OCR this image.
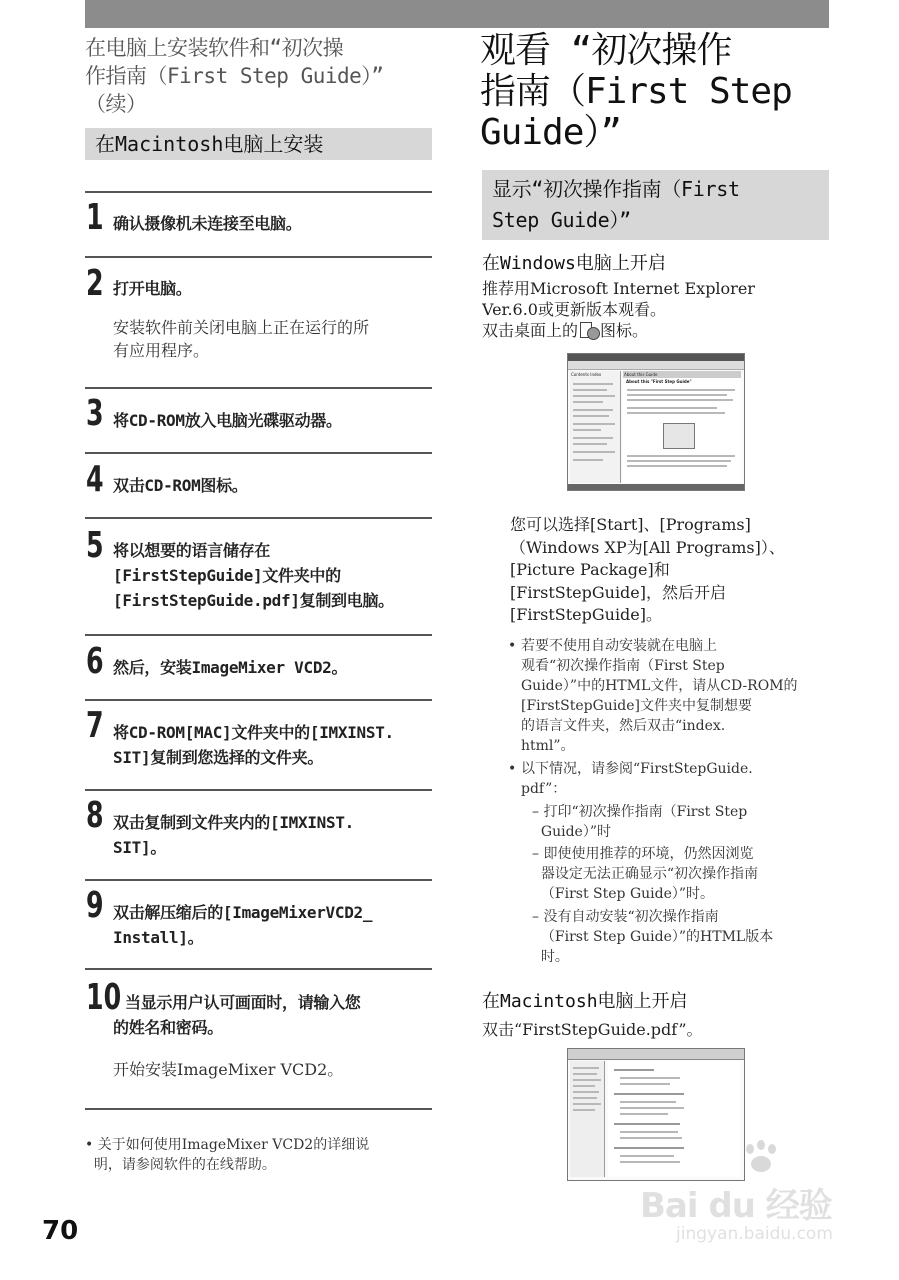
在电脑上安装软件和“初次操
作指南（First Step Guide）”
（续）
在Macintosh电脑上安装
1 确认摄像机未连接至电脑。
2 打开电脑。
安装软件前关闭电脑上正在运行的所
有应用程序。
3 将CD-ROM放入电脑光碟驱动器。
4 双击CD-ROM图标。
5 将以想要的语言储存在
[FirstStepGuide]文件夹中的
[FirstStepGuide.pdf]复制到电脑。
6 然后，安装ImageMixer VCD2。
7 将CD-ROM[MAC]文件夹中的[IMXINST.
SIT]复制到您选择的文件夹。
8 双击复制到文件夹内的[IMXINST.
SIT]。
9 双击解压缩后的[ImageMixerVCD2_
Install]。
10 当显示用户认可画面时，请输入您
的姓名和密码。
开始安装ImageMixer VCD2。
• 关于如何使用ImageMixer VCD2的详细说
明，请参阅软件的在线帮助。
70
观看 “初次操作
指南（First Step
Guide）”
显示“初次操作指南（First
Step Guide）”
在Windows电脑上开启
推荐用Microsoft Internet Explorer
Ver.6.0或更新版本观看。
双击桌面上的 图标。
Contents Index	About this Guide
About this "First Step Guide"
您可以选择[Start]、[Programs]
（Windows XP为[All Programs]）、
[Picture Package]和
[FirstStepGuide]，然后开启
[FirstStepGuide]。
• 若要不使用自动安装就在电脑上
观看“初次操作指南（First Step
Guide）”中的HTML文件，请从CD-ROM的
[FirstStepGuide]文件夹中复制想要
的语言文件夹，然后双击“index.
html”。
• 以下情况，请参阅“FirstStepGuide.
pdf”：
– 打印“初次操作指南（First Step
Guide）”时
– 即使使用推荐的环境，仍然因浏览
器设定无法正确显示“初次操作指南
（First Step Guide）”时。
– 没有自动安装“初次操作指南
（First Step Guide）”的HTML版本
时。
在Macintosh电脑上开启
双击“FirstStepGuide.pdf”。
Bai du 经验
jingyan.baidu.com
